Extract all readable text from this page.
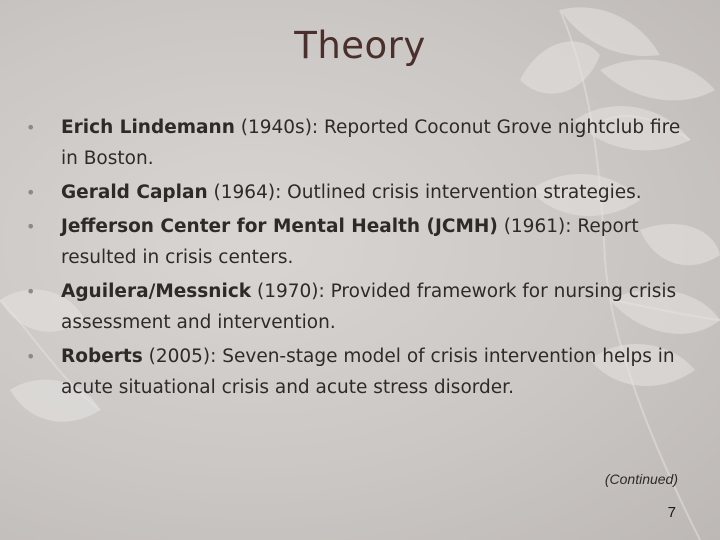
Theory
• Erich Lindemann (1940s): Reported Coconut Grove nightclub fire in Boston.
• Gerald Caplan (1964): Outlined crisis intervention strategies.
• Jefferson Center for Mental Health (JCMH) (1961): Report resulted in crisis centers.
• Aguilera/Messnick (1970): Provided framework for nursing crisis assessment and intervention.
• Roberts (2005): Seven-stage model of crisis intervention helps in acute situational crisis and acute stress disorder.
(Continued)
7
